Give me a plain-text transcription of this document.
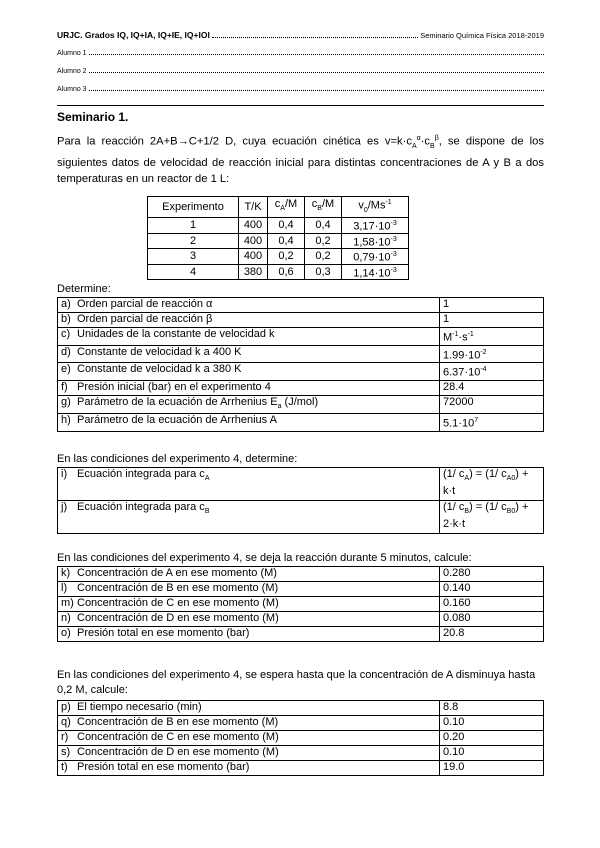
URJC. Grados IQ, IQ+IA, IQ+IE, IQ+IOI	Seminario Química Física 2018-2019
Alumno 1
Alumno 2
Alumno 3
Seminario 1.
Para la reacción 2A+B→C+1/2 D, cuya ecuación cinética es $v=k\cdot c_A^\alpha\cdot c_B^\beta$, se dispone de los siguientes datos de velocidad de reacción inicial para distintas concentraciones de A y B a dos temperaturas en un reactor de 1 L:
Experimento	T/K	$c_A/M$	$c_B/M$	$v_0/Ms^{-1}$
1	400	0,4	0,4	$3,17\cdot 10^{-3}$
2	400	0,4	0,2	$1,58\cdot 10^{-3}$
3	400	0,2	0,2	$0,79\cdot 10^{-3}$
4	380	0,6	0,3	$1,14\cdot 10^{-3}$
Determine:
a) Orden parcial de reacción α	1
b) Orden parcial de reacción β	1
c) Unidades de la constante de velocidad k	$M^{-1}\cdot s^{-1}$
d) Constante de velocidad k a 400 K	$1.99\cdot 10^{-2}$
e) Constante de velocidad k a 380 K	$6.37\cdot 10^{-4}$
f) Presión inicial (bar) en el experimento 4	28.4
g) Parámetro de la ecuación de Arrhenius $E_a$ (J/mol)	72000
h) Parámetro de la ecuación de Arrhenius A	$5.1\cdot 10^7$
En las condiciones del experimento 4, determine:
i) Ecuación integrada para $c_A$	(1/ $c_A) = (1/$ $c_{A0}$) +
k·t
j) Ecuación integrada para $c_B$	(1/ $c_B) = (1/$ $c_{B0}$) +
2·k·t
En las condiciones del experimento 4, se deja la reacción durante 5 minutos, calcule:
k) Concentración de A en ese momento (M)	0.280
l) Concentración de B en ese momento (M)	0.140
m) Concentración de C en ese momento (M)	0.160
n) Concentración de D en ese momento (M)	0.080
o) Presión total en ese momento (bar)	20.8
En las condiciones del experimento 4, se espera hasta que la concentración de A disminuya hasta 0,2 M, calcule:
p) El tiempo necesario (min)	8.8
q) Concentración de B en ese momento (M)	0.10
r) Concentración de C en ese momento (M)	0.20
s) Concentración de D en ese momento (M)	0.10
t) Presión total en ese momento (bar)	19.0
